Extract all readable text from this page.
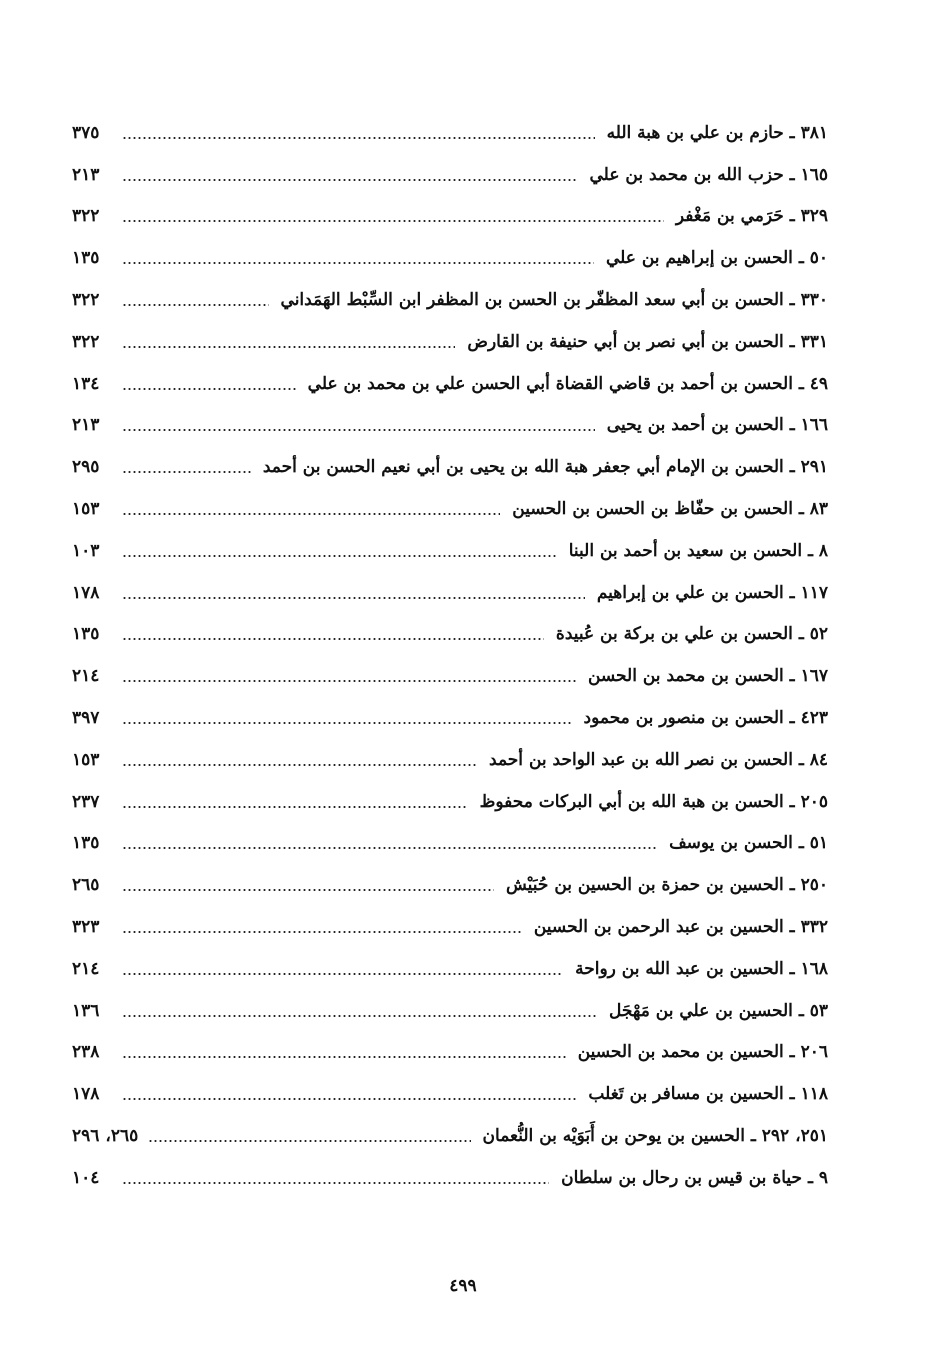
٣٨١ ـ حازم بن علي بن هبة الله
٣٧٥
١٦٥ ـ حزب الله بن محمد بن علي
٢١٣
٣٢٩ ـ حَرَمي بن مَغْفر
٣٢٢
٥٠ ـ الحسن بن إبراهيم بن علي
١٣٥
٣٣٠ ـ الحسن بن أبي سعد المظفّر بن الحسن بن المظفر ابن السِّبْط الهَمَداني
٣٢٢
٣٣١ ـ الحسن بن أبي نصر بن أبي حنيفة بن القارض
٣٢٢
٤٩ ـ الحسن بن أحمد بن قاضي القضاة أبي الحسن علي بن محمد بن علي
١٣٤
١٦٦ ـ الحسن بن أحمد بن يحيى
٢١٣
٢٩١ ـ الحسن بن الإمام أبي جعفر هبة الله بن يحيى بن أبي نعيم الحسن بن أحمد
٢٩٥
٨٣ ـ الحسن بن حفّاظ بن الحسن بن الحسين
١٥٣
٨ ـ الحسن بن سعيد بن أحمد بن البنا
١٠٣
١١٧ ـ الحسن بن علي بن إبراهيم
١٧٨
٥٢ ـ الحسن بن علي بن بركة بن عُبيدة
١٣٥
١٦٧ ـ الحسن بن محمد بن الحسن
٢١٤
٤٢٣ ـ الحسن بن منصور بن محمود
٣٩٧
٨٤ ـ الحسن بن نصر الله بن عبد الواحد بن أحمد
١٥٣
٢٠٥ ـ الحسن بن هبة الله بن أبي البركات محفوظ
٢٣٧
٥١ ـ الحسن بن يوسف
١٣٥
٢٥٠ ـ الحسين بن حمزة بن الحسين بن حُبَيْش
٢٦٥
٣٣٢ ـ الحسين بن عبد الرحمن بن الحسين
٣٢٣
١٦٨ ـ الحسين بن عبد الله بن رواحة
٢١٤
٥٣ ـ الحسين بن علي بن مَهْجَل
١٣٦
٢٠٦ ـ الحسين بن محمد بن الحسين
٢٣٨
١١٨ ـ الحسين بن مسافر بن تَغلب
١٧٨
٢٥١، ٢٩٢ ـ الحسين بن يوحن بن أَبَوَيْه بن النُّعمان
٢٦٥، ٢٩٦
٩ ـ حياة بن قيس بن رحال بن سلطان
١٠٤
٤٩٩
